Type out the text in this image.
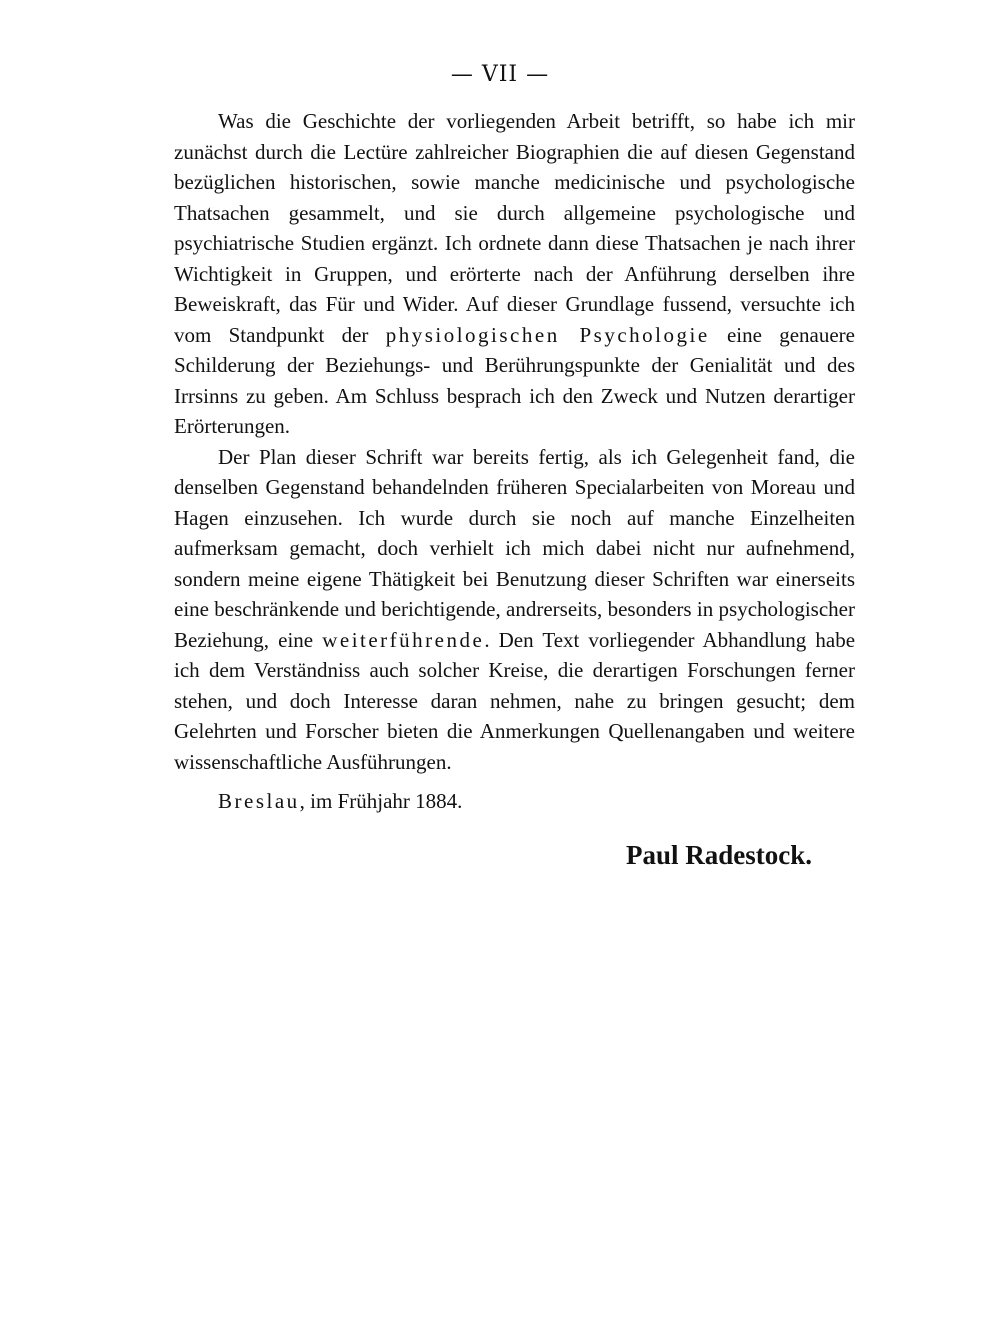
— VII —

Was die Geschichte der vorliegenden Arbeit betrifft, so habe ich mir zunächst durch die Lectüre zahlreicher Biographien die auf diesen Gegenstand bezüglichen historischen, sowie manche medicinische und psychologische Thatsachen gesammelt, und sie durch allgemeine psychologische und psychiatrische Studien ergänzt. Ich ordnete dann diese Thatsachen je nach ihrer Wichtigkeit in Gruppen, und erörterte nach der Anführung derselben ihre Beweiskraft, das Für und Wider. Auf dieser Grundlage fussend, versuchte ich vom Standpunkt der physiologischen Psychologie eine genauere Schilderung der Beziehungs- und Berührungspunkte der Genialität und des Irrsinns zu geben. Am Schluss besprach ich den Zweck und Nutzen derartiger Erörterungen.

Der Plan dieser Schrift war bereits fertig, als ich Gelegenheit fand, die denselben Gegenstand behandelnden früheren Specialarbeiten von Moreau und Hagen einzusehen. Ich wurde durch sie noch auf manche Einzelheiten aufmerksam gemacht, doch verhielt ich mich dabei nicht nur aufnehmend, sondern meine eigene Thätigkeit bei Benutzung dieser Schriften war einerseits eine beschränkende und berichtigende, andrerseits, besonders in psychologischer Beziehung, eine weiterführende. Den Text vorliegender Abhandlung habe ich dem Verständniss auch solcher Kreise, die derartigen Forschungen ferner stehen, und doch Interesse daran nehmen, nahe zu bringen gesucht; dem Gelehrten und Forscher bieten die Anmerkungen Quellenangaben und weitere wissenschaftliche Ausführungen.

Breslau, im Frühjahr 1884.
Paul Radestock.
